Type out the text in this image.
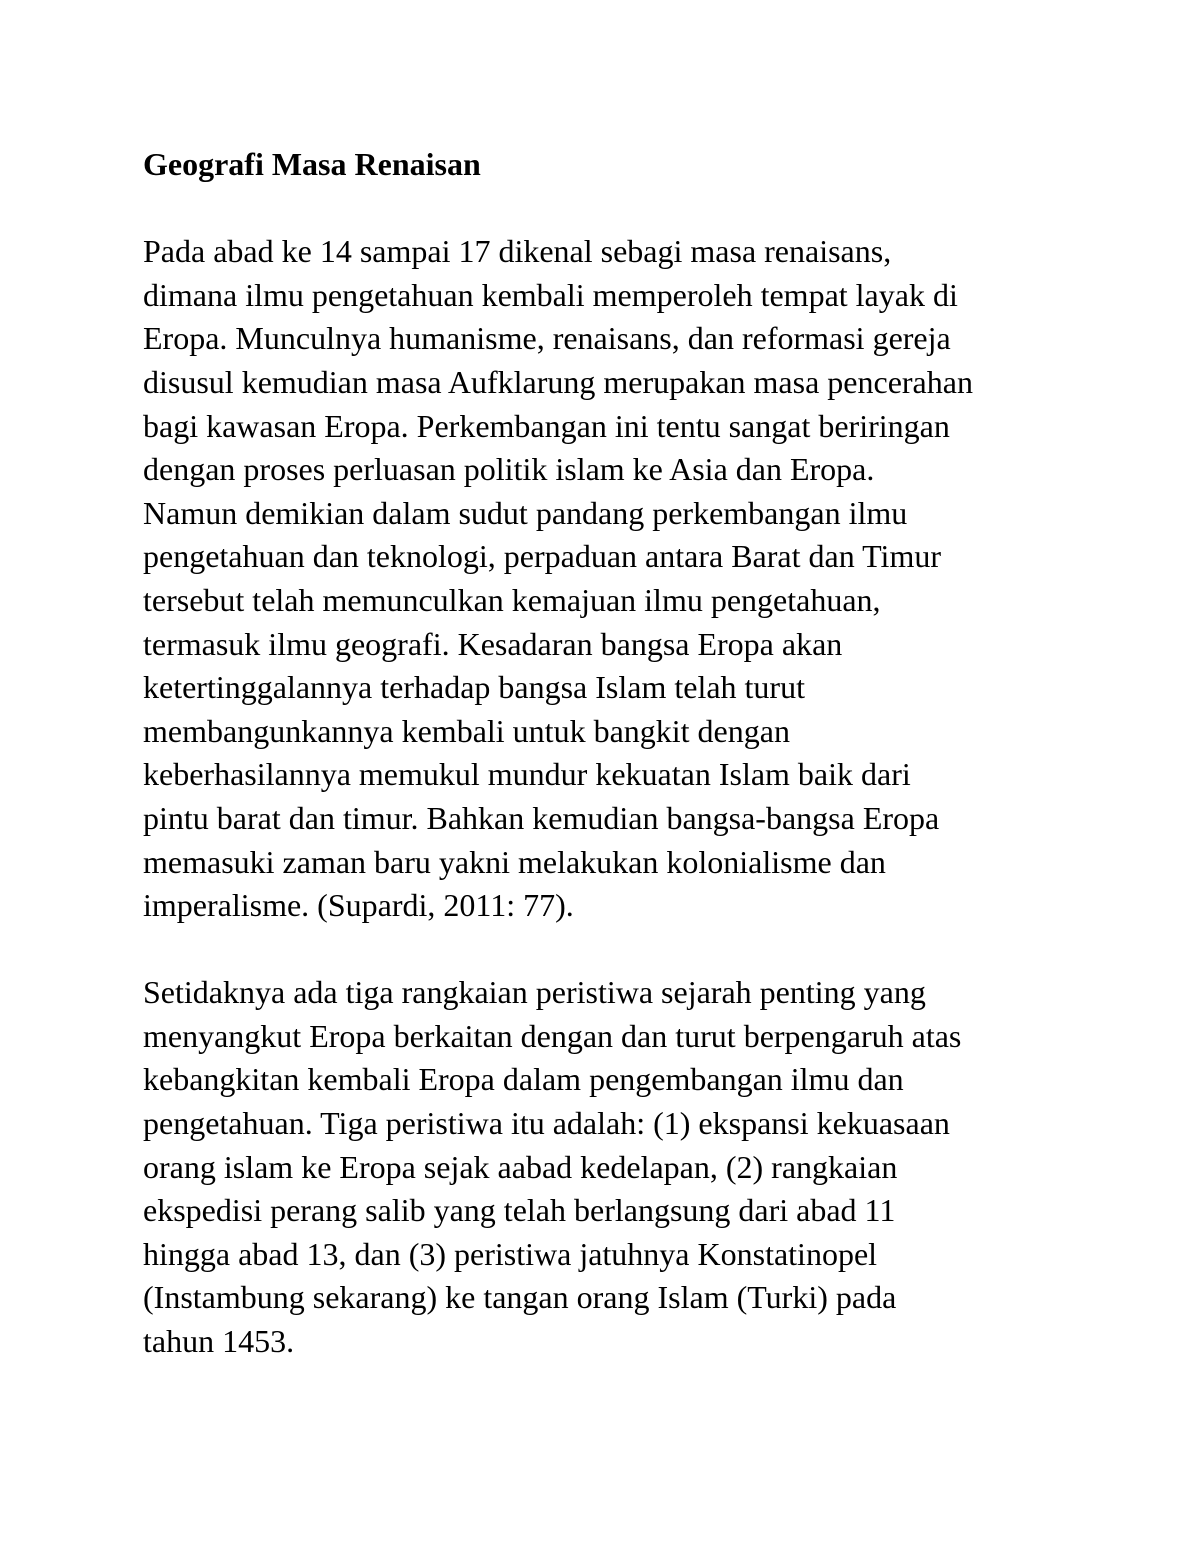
Geografi Masa Renaisan

Pada abad ke 14 sampai 17 dikenal sebagi masa renaisans,
dimana ilmu pengetahuan kembali memperoleh tempat layak di
Eropa. Munculnya humanisme, renaisans, dan reformasi gereja
disusul kemudian masa Aufklarung merupakan masa pencerahan
bagi kawasan Eropa. Perkembangan ini tentu sangat beriringan
dengan proses perluasan politik islam ke Asia dan Eropa.
Namun demikian dalam sudut pandang perkembangan ilmu
pengetahuan dan teknologi, perpaduan antara Barat dan Timur
tersebut telah memunculkan kemajuan ilmu pengetahuan,
termasuk ilmu geografi. Kesadaran bangsa Eropa akan
ketertinggalannya terhadap bangsa Islam telah turut
membangunkannya kembali untuk bangkit dengan
keberhasilannya memukul mundur kekuatan Islam baik dari
pintu barat dan timur. Bahkan kemudian bangsa-bangsa Eropa
memasuki zaman baru yakni melakukan kolonialisme dan
imperalisme. (Supardi, 2011: 77).

Setidaknya ada tiga rangkaian peristiwa sejarah penting yang
menyangkut Eropa berkaitan dengan dan turut berpengaruh atas
kebangkitan kembali Eropa dalam pengembangan ilmu dan
pengetahuan. Tiga peristiwa itu adalah: (1) ekspansi kekuasaan
orang islam ke Eropa sejak aabad kedelapan, (2) rangkaian
ekspedisi perang salib yang telah berlangsung dari abad 11
hingga abad 13, dan (3) peristiwa jatuhnya Konstatinopel
(Instambung sekarang) ke tangan orang Islam (Turki) pada
tahun 1453.
